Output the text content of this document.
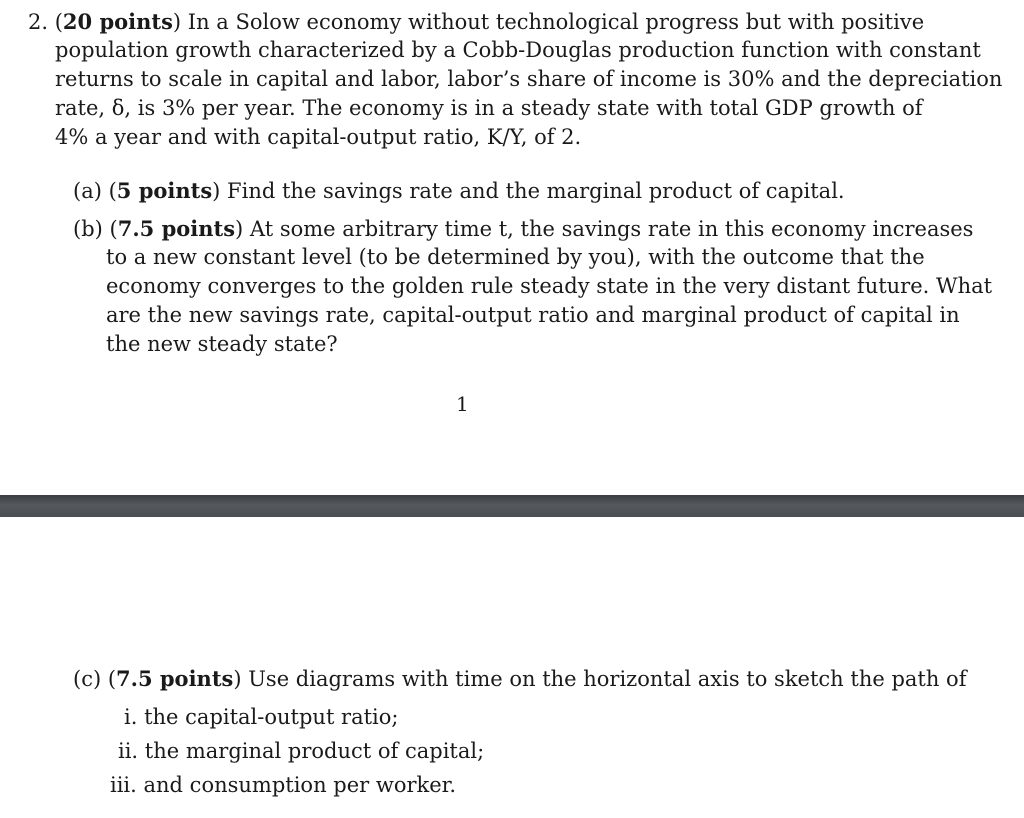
2. (20 points) In a Solow economy without technological progress but with positive
population growth characterized by a Cobb-Douglas production function with constant
returns to scale in capital and labor, labor’s share of income is 30% and the depreciation
rate, δ, is 3% per year. The economy is in a steady state with total GDP growth of
4% a year and with capital-output ratio, K/Y, of 2.
(a) (5 points) Find the savings rate and the marginal product of capital.
(b) (7.5 points) At some arbitrary time t, the savings rate in this economy increases
to a new constant level (to be determined by you), with the outcome that the
economy converges to the golden rule steady state in the very distant future. What
are the new savings rate, capital-output ratio and marginal product of capital in
the new steady state?
1
(c) (7.5 points) Use diagrams with time on the horizontal axis to sketch the path of
i. the capital-output ratio;
ii. the marginal product of capital;
iii. and consumption per worker.
